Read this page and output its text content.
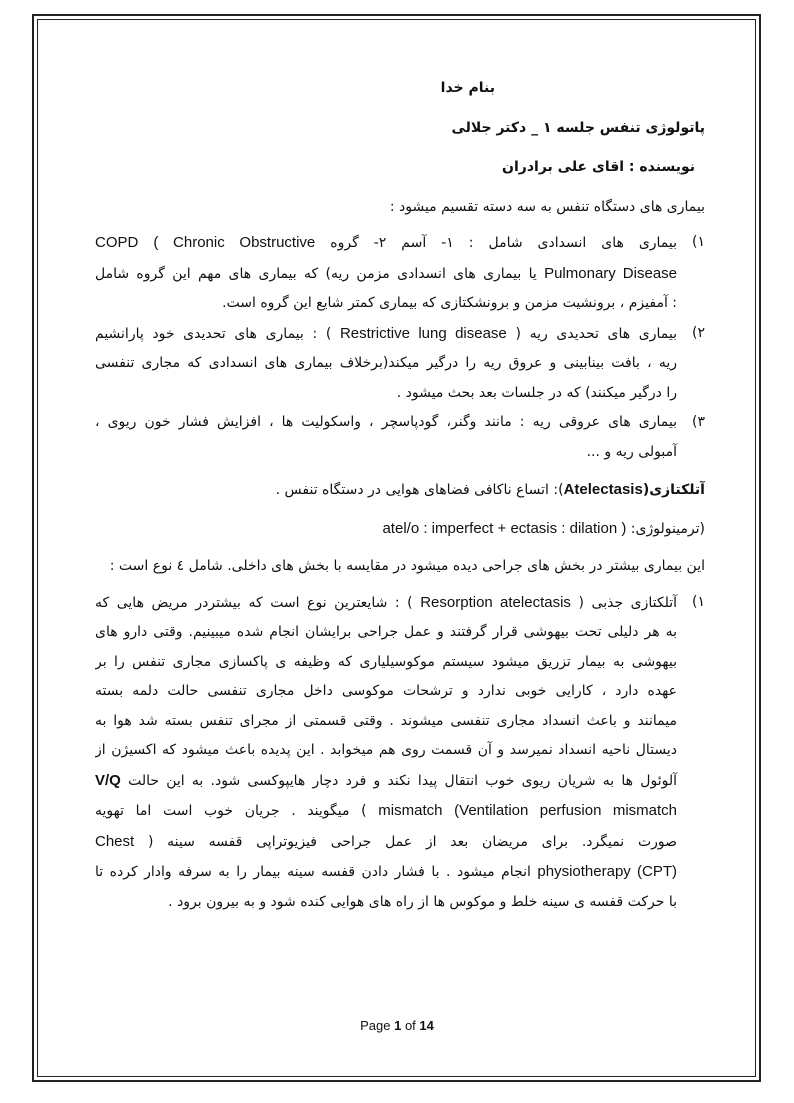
بنام خدا
پاتولوژی تنفس جلسه ۱ _ دکتر جلالی
نویسنده : اقای علی برادران
بیماری های دستگاه تنفس به سه دسته تقسیم میشود :
۱)
بیماری های انسدادی شامل : ۱- آسم ۲- گروه COPD ( Chronic Obstructive
Pulmonary Disease یا بیماری های انسدادی مزمن ریه) که بیماری های مهم این گروه شامل
: آمفیزم ، برونشیت مزمن و برونشکتازی که بیماری کمتر شایع این گروه است.
۲)
بیماری های تحدیدی ریه ( Restrictive lung disease ) : بیماری های تحدیدی خود پارانشیم
ریه ، بافت بینابینی و عروق ریه را درگیر میکند(برخلاف بیماری های انسدادی که مجاری تنفسی
را درگیر میکنند) که در جلسات بعد بحث میشود .
۳)
بیماری های عروقی ریه : مانند وگنر، گودپاسچر ، واسکولیت ها ، افزایش فشار خون ریوی ،
آمبولی ریه و ...
آتلکتازی(Atelectasis): اتساع ناکافی فضاهای هوایی در دستگاه تنفس .
(ترمینولوژی: atel/o : imperfect + ectasis : dilation )
این بیماری بیشتر در بخش های جراحی دیده میشود در مقایسه با بخش های داخلی. شامل ٤ نوع است :
۱)
آتلکتازی جذبی ( Resorption atelectasis ) : شایعترین نوع است که بیشتردر مریض هایی که
به هر دلیلی تحت بیهوشی قرار گرفتند و عمل جراحی برایشان انجام شده میبینیم. وقتی دارو های
بیهوشی به بیمار تزریق میشود سیستم موکوسیلیاری که وظیفه ی پاکسازی مجاری تنفس را بر
عهده دارد ، کارایی خوبی ندارد و ترشحات موکوسی داخل مجاری تنفسی حالت دلمه بسته
میمانند و باعث انسداد مجاری تنفسی میشوند . وقتی قسمتی از مجرای تنفس بسته شد هوا به
دیستال ناحیه انسداد نمیرسد و آن قسمت روی هم میخوابد . این پدیده باعث میشود که اکسیژن از
آلوئول ها به شریان ریوی خوب انتقال پیدا نکند و فرد دچار هایپوکسی شود. به این حالت V/Q
mismatch (Ventilation perfusion mismatch ) میگویند . جریان خوب است اما تهویه
صورت نمیگرد. برای مریضان بعد از عمل جراحی فیزیوتراپی قفسه سینه ( Chest
physiotherapy (CPT) انجام میشود . با فشار دادن قفسه سینه بیمار را به سرفه وادار کرده تا
با حرکت قفسه ی سینه خلط و موکوس ها از راه های هوایی کنده شود و به بیرون برود .
Page 1 of 14
